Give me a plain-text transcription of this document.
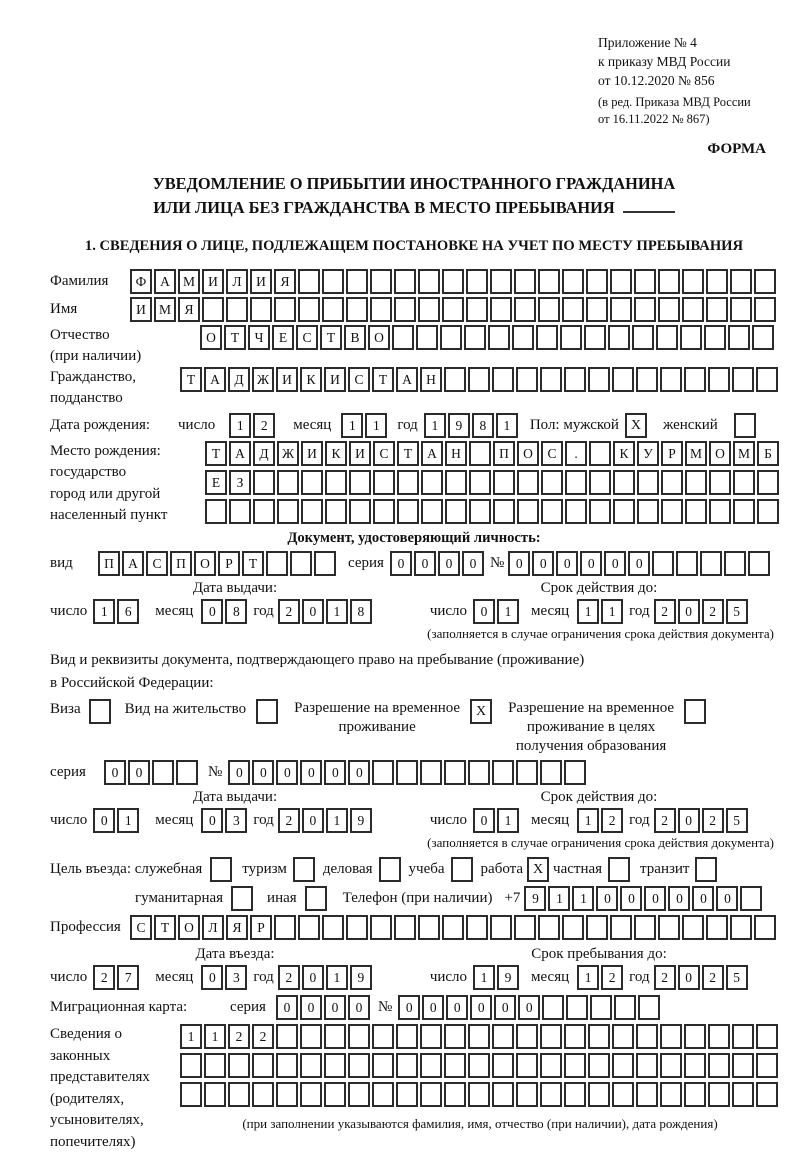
Приложение № 4
к приказу МВД России
от 10.12.2020 № 856
(в ред. Приказа МВД России
от 16.11.2022 № 867)
ФОРМА
УВЕДОМЛЕНИЕ О ПРИБЫТИИ ИНОСТРАННОГО ГРАЖДАНИНА
ИЛИ ЛИЦА БЕЗ ГРАЖДАНСТВА В МЕСТО ПРЕБЫВАНИЯ
1. СВЕДЕНИЯ О ЛИЦЕ, ПОДЛЕЖАЩЕМ ПОСТАНОВКЕ НА УЧЕТ ПО МЕСТУ ПРЕБЫВАНИЯ
Фамилия	Ф	А М И	Л	И	Я
Имя	И М Я
Отчество
(при наличии)
О	Т	Ч	Е	С	Т	В	О
Гражданство,
подданство
Т	А	Д Ж И	К	И	С	Т	А	Н
Дата рождения:	число	1	2	месяц	1	1	год	1	9	8	1	Пол: мужской X	женский
Место рождения:
государство
город или другой
населенный пункт
Т	А	Д Ж И	К	И	С	Т	А	Н	П	О	С	.	К	У	Р	М О М	Б
Е	З
Документ, удостоверяющий личность:
вид	П	А	С	П	О	Р	Т	серия	0	0	0	0 № 0	0	0	0	0	0
Дата выдачи:	Срок действия до:
число	1	6	месяц	0	8 год 2	0	1	8	число	0	1	месяц	1	1 год 2	0	2	5
(заполняется в случае ограничения срока действия документа)
Вид и реквизиты документа, подтверждающего право на пребывание (проживание)
в Российской Федерации:
Виза	Вид на жительство	Разрешение на временное
проживание
X	Разрешение на временное
проживание в целях
получения образования
серия	0	0	№	0	0	0	0	0	0
Дата выдачи:	Срок действия до:
число	0	1	месяц	0	3 год 2	0	1	9	число	0	1	месяц	1	2 год 2	0	2	5
(заполняется в случае ограничения срока действия документа)
Цель въезда: служебная	туризм деловая учеба работа X частная	транзит
гуманитарная	иная	Телефон (при наличии) +7 9	1	1	0	0	0	0	0	0
Профессия	С	Т	О	Л	Я	Р
Дата въезда:	Срок пребывания до:
число	2	7	месяц	0	3 год 2	0	1	9	число	1	9	месяц	1	2 год 2	0	2	5
Миграционная карта:	серия	0	0	0	0	№	0	0	0	0	0	0
Сведения о
законных
представителях
(родителях,
усыновителях,
попечителях)
1	1	2	2
(при заполнении указываются фамилия, имя, отчество (при наличии), дата рождения)
